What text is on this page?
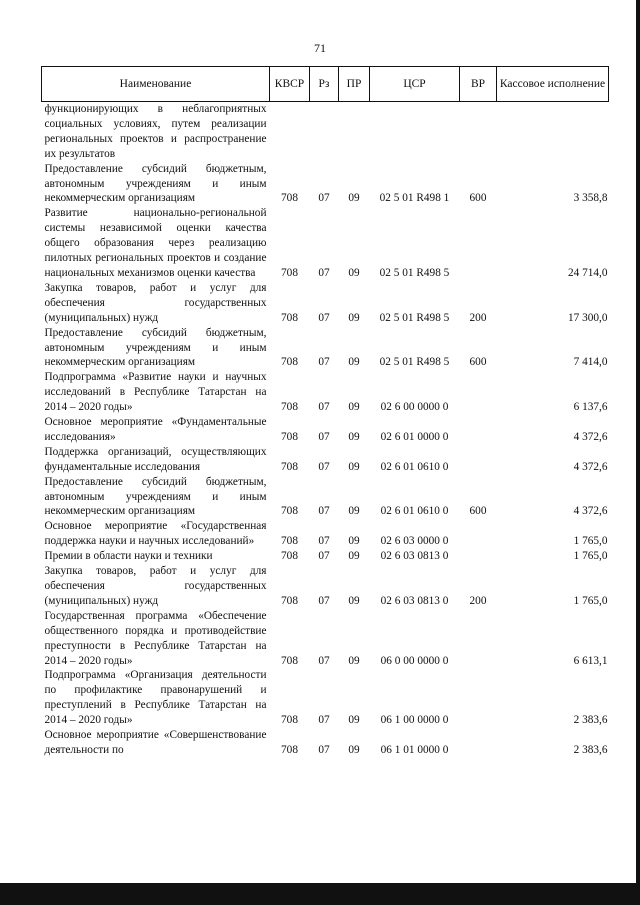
71
Наименование	КВСР	Рз	ПР	ЦСР	ВР	Кассовое исполнение
функционирующих в неблагоприятных социальных условиях, путем реализации региональных проектов и распространение их результатов						
Предоставление субсидий бюджетным, автономным учреждениям и иным некоммерческим организациям	708	07	09	02 5 01 R498 1	600	3 358,8
Развитие национально-региональной системы независимой оценки качества общего образования через реализацию пилотных региональных проектов и создание национальных механизмов оценки качества	708	07	09	02 5 01 R498 5		24 714,0
Закупка товаров, работ и услуг для обеспечения государственных (муниципальных) нужд	708	07	09	02 5 01 R498 5	200	17 300,0
Предоставление субсидий бюджетным, автономным учреждениям и иным некоммерческим организациям	708	07	09	02 5 01 R498 5	600	7 414,0
Подпрограмма «Развитие науки и научных исследований в Республике Татарстан на 2014 – 2020 годы»	708	07	09	02 6 00 0000 0		6 137,6
Основное мероприятие «Фундаментальные исследования»	708	07	09	02 6 01 0000 0		4 372,6
Поддержка организаций, осуществляющих фундаментальные исследования	708	07	09	02 6 01 0610 0		4 372,6
Предоставление субсидий бюджетным, автономным учреждениям и иным некоммерческим организациям	708	07	09	02 6 01 0610 0	600	4 372,6
Основное мероприятие «Государственная поддержка науки и научных исследований»	708	07	09	02 6 03 0000 0		1 765,0
Премии в области науки и техники	708	07	09	02 6 03 0813 0		1 765,0
Закупка товаров, работ и услуг для обеспечения государственных (муниципальных) нужд	708	07	09	02 6 03 0813 0	200	1 765,0
Государственная программа «Обеспечение общественного порядка и противодействие преступности в Республике Татарстан на 2014 – 2020 годы»	708	07	09	06 0 00 0000 0		6 613,1
Подпрограмма «Организация деятельности по профилактике правонарушений и преступлений в Республике Татарстан на 2014 – 2020 годы»	708	07	09	06 1 00 0000 0		2 383,6
Основное мероприятие «Совершенствование деятельности по	708	07	09	06 1 01 0000 0		2 383,6
